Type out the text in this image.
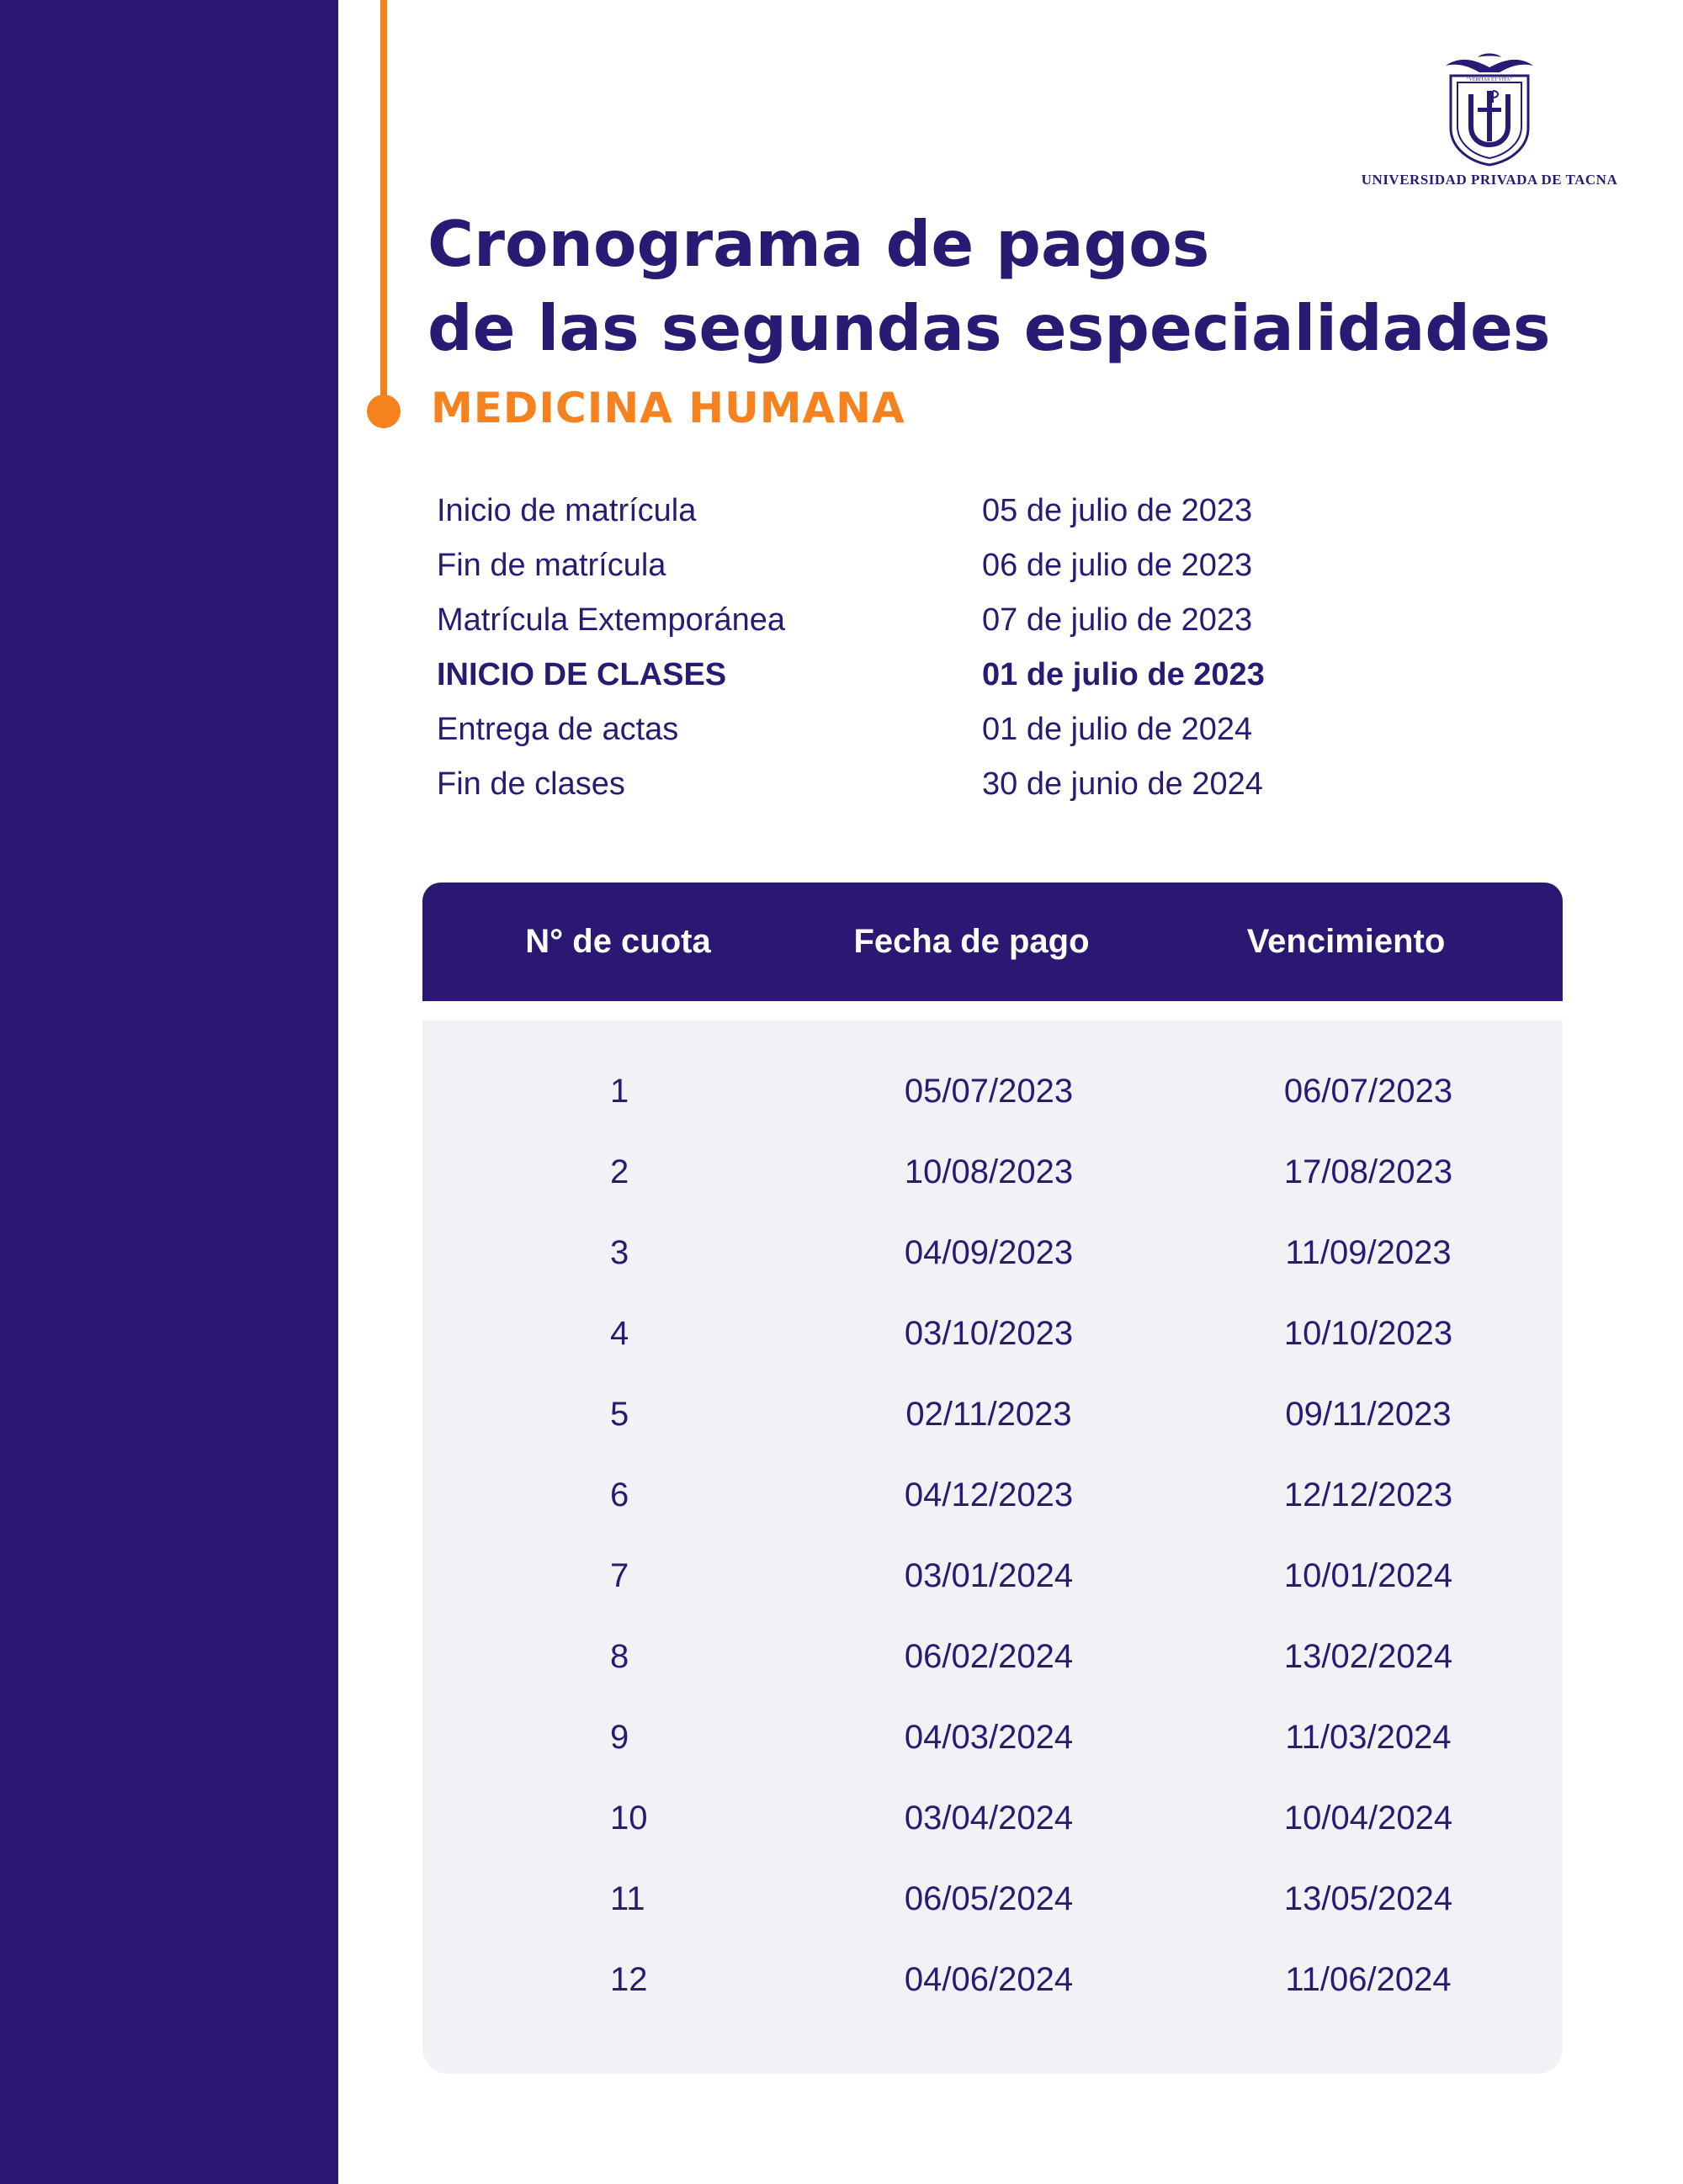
"VERITAS ET VITA"
UNIVERSIDAD PRIVADA DE TACNA
Cronograma de pagos
de las segundas especialidades
MEDICINA HUMANA
Inicio de matrícula	05 de julio de 2023
Fin de matrícula	06 de julio de 2023
Matrícula Extemporánea	07 de julio de 2023
INICIO DE CLASES	01 de julio de 2023
Entrega de actas	01 de julio de 2024
Fin de clases	30 de junio de 2024
N° de cuota	Fecha de pago	Vencimiento
1	05/07/2023	06/07/2023
2	10/08/2023	17/08/2023
3	04/09/2023	11/09/2023
4	03/10/2023	10/10/2023
5	02/11/2023	09/11/2023
6	04/12/2023	12/12/2023
7	03/01/2024	10/01/2024
8	06/02/2024	13/02/2024
9	04/03/2024	11/03/2024
10	03/04/2024	10/04/2024
11	06/05/2024	13/05/2024
12	04/06/2024	11/06/2024
